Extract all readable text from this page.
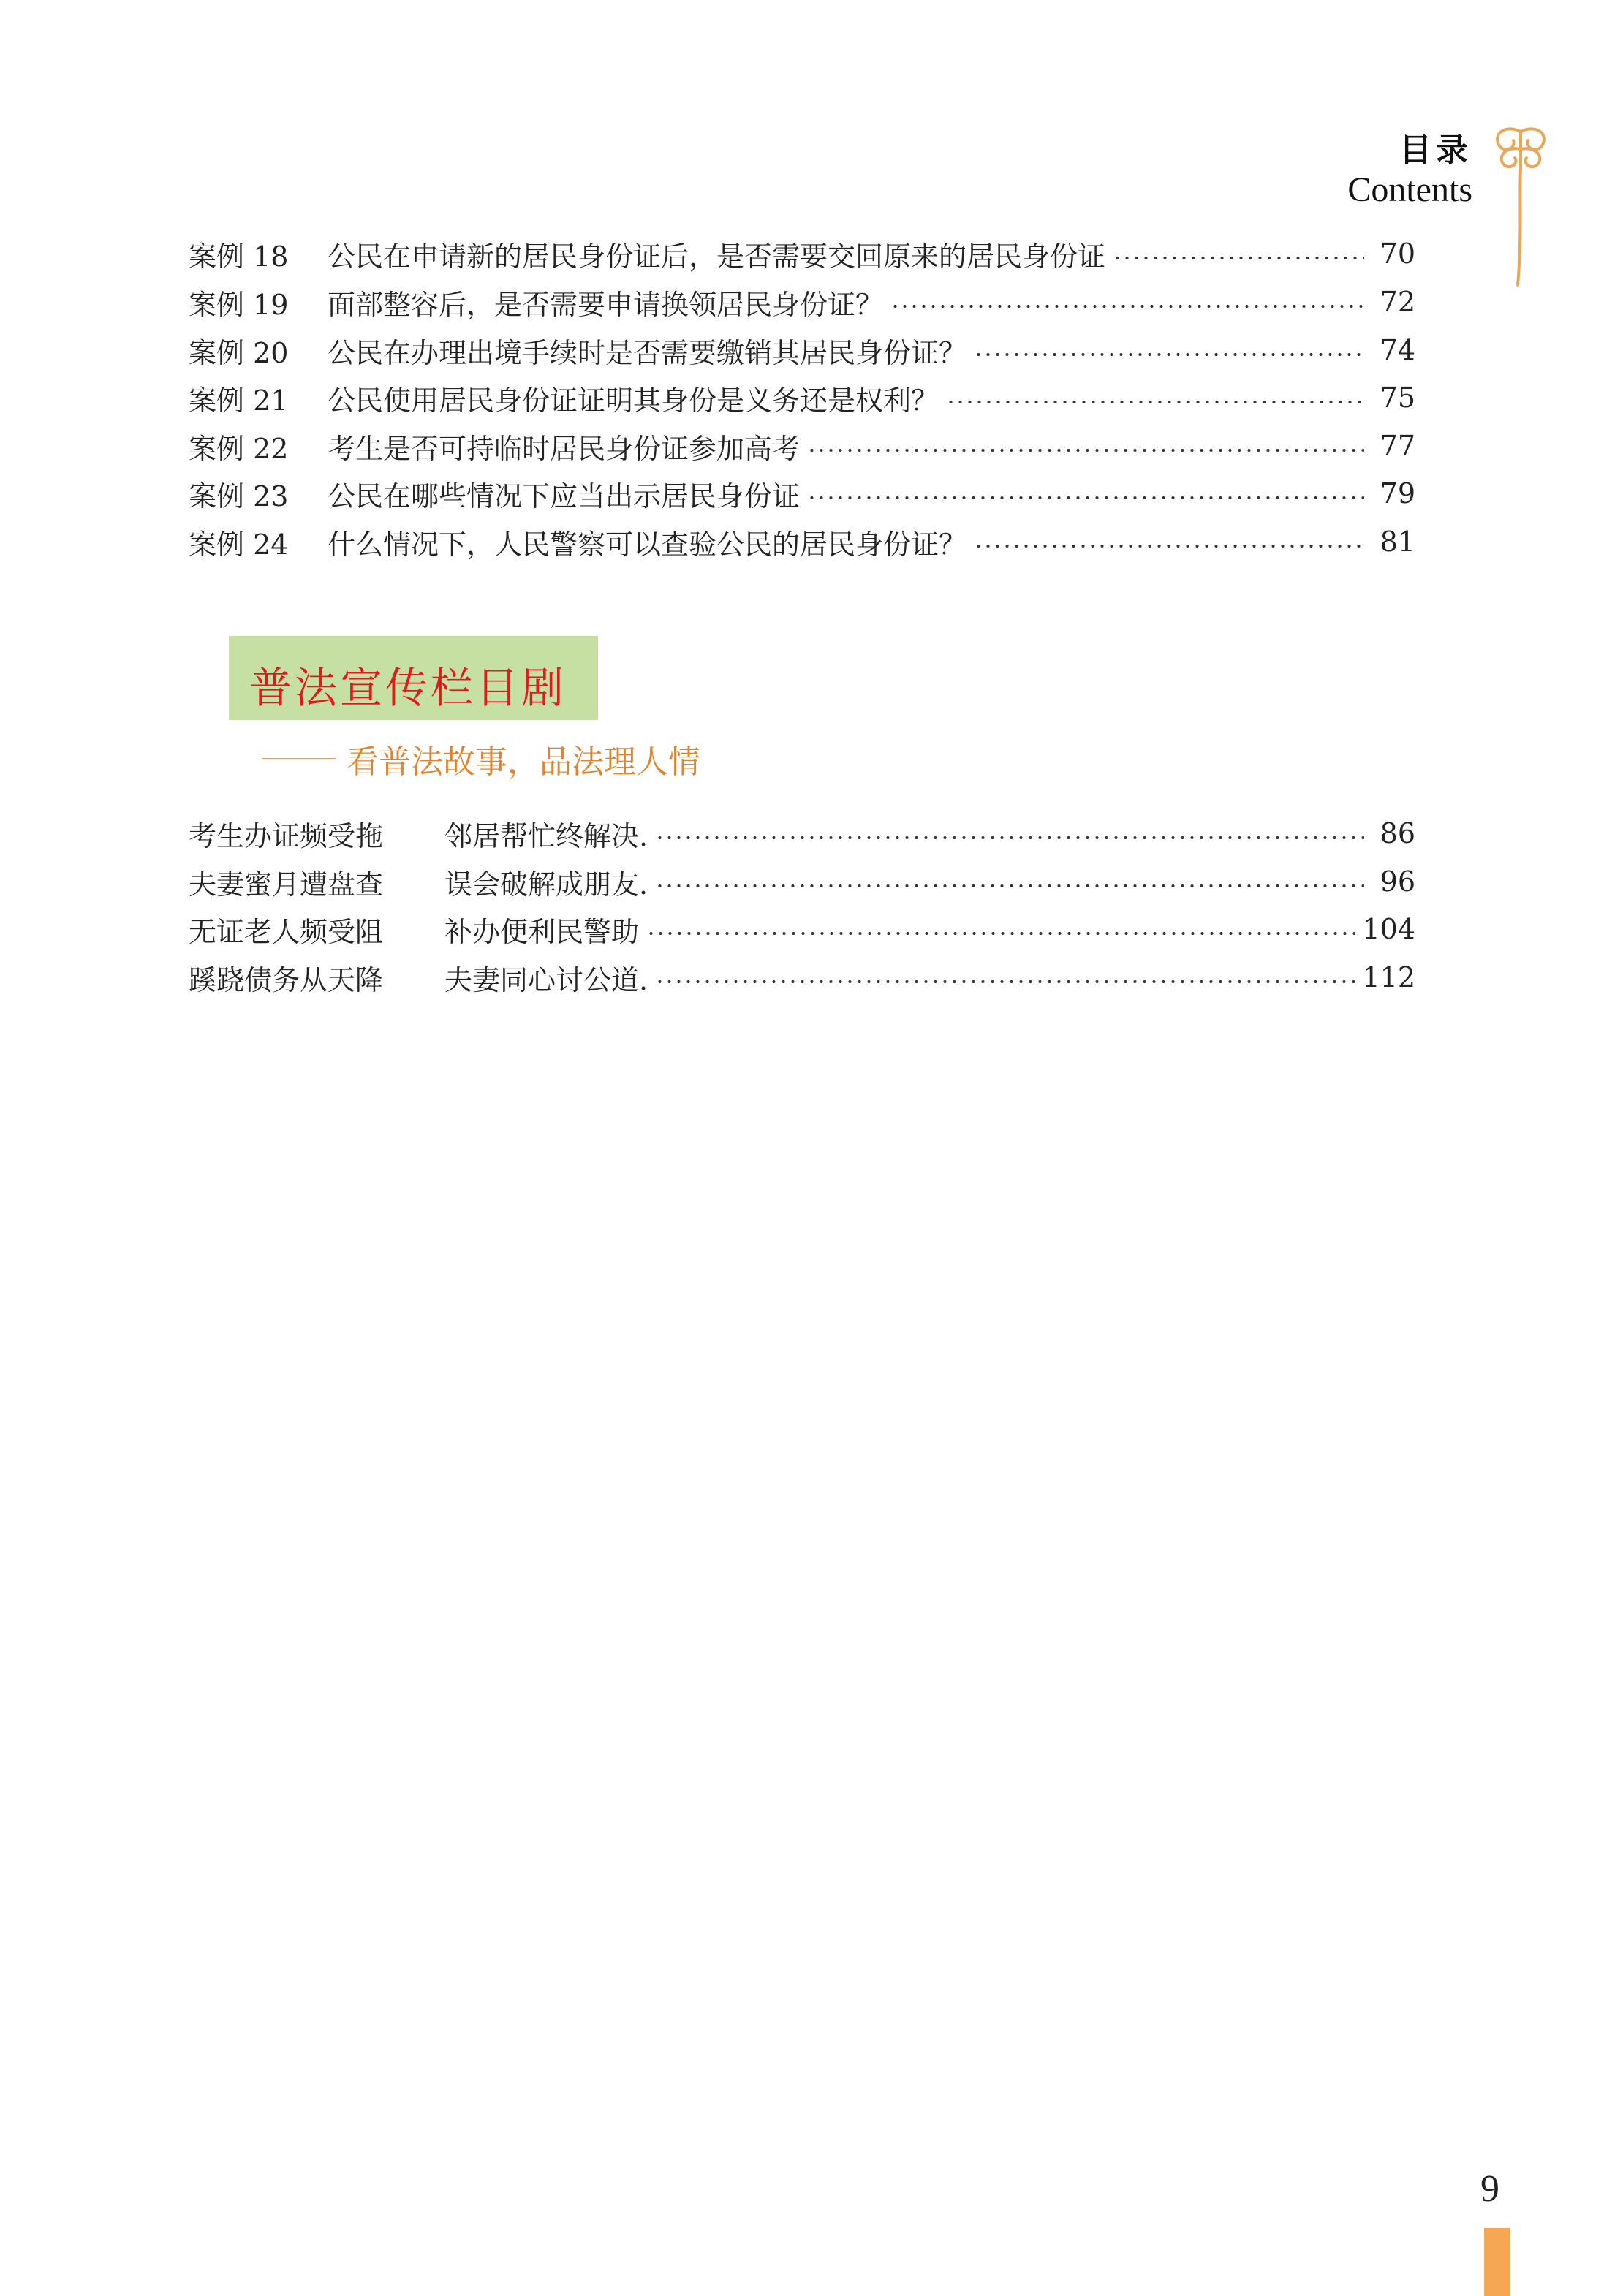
目录
Contents
案例 18	公民在申请新的居民身份证后，是否需要交回原来的居民身份证	70
案例 19	面部整容后，是否需要申请换领居民身份证？	72
案例 20	公民在办理出境手续时是否需要缴销其居民身份证？	74
案例 21	公民使用居民身份证证明其身份是义务还是权利？	75
案例 22	考生是否可持临时居民身份证参加高考	77
案例 23	公民在哪些情况下应当出示居民身份证	79
案例 24	什么情况下，人民警察可以查验公民的居民身份证？	81
普法宣传栏目剧
看普法故事，品法理人情
考生办证频受拖	邻居帮忙终解决.	86
夫妻蜜月遭盘查	误会破解成朋友.	96
无证老人频受阻	补办便利民警助	104
蹊跷债务从天降	夫妻同心讨公道.	112
9
